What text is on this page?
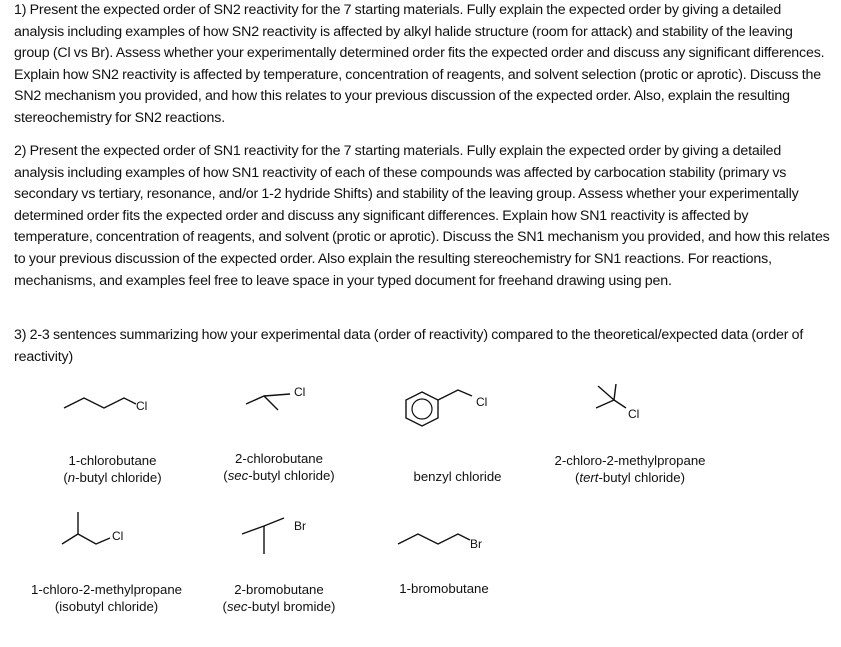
1) Present the expected order of SN2 reactivity for the 7 starting materials. Fully explain the expected order by giving a detailed analysis including examples of how SN2 reactivity is affected by alkyl halide structure (room for attack) and stability of the leaving group (Cl vs Br). Assess whether your experimentally determined order fits the expected order and discuss any significant differences. Explain how SN2 reactivity is affected by temperature, concentration of reagents, and solvent selection (protic or aprotic). Discuss the SN2 mechanism you provided, and how this relates to your previous discussion of the expected order. Also, explain the resulting stereochemistry for SN2 reactions.
2) Present the expected order of SN1 reactivity for the 7 starting materials. Fully explain the expected order by giving a detailed analysis including examples of how SN1 reactivity of each of these compounds was affected by carbocation stability (primary vs secondary vs tertiary, resonance, and/or 1-2 hydride Shifts) and stability of the leaving group. Assess whether your experimentally determined order fits the expected order and discuss any significant differences. Explain how SN1 reactivity is affected by temperature, concentration of reagents, and solvent (protic or aprotic). Discuss the SN1 mechanism you provided, and how this relates to your previous discussion of the expected order. Also explain the resulting stereochemistry for SN1 reactions. For reactions, mechanisms, and examples feel free to leave space in your typed document for freehand drawing using pen.
3) 2-3 sentences summarizing how your experimental data (order of reactivity) compared to the theoretical/expected data (order of reactivity)
Cl
1-chlorobutane
(n-butyl chloride)
Cl
2-chlorobutane
(sec-butyl chloride)
Cl
benzyl chloride
Cl
2-chloro-2-methylpropane
(tert-butyl chloride)
Cl
1-chloro-2-methylpropane
(isobutyl chloride)
Br
2-bromobutane
(sec-butyl bromide)
Br
1-bromobutane
